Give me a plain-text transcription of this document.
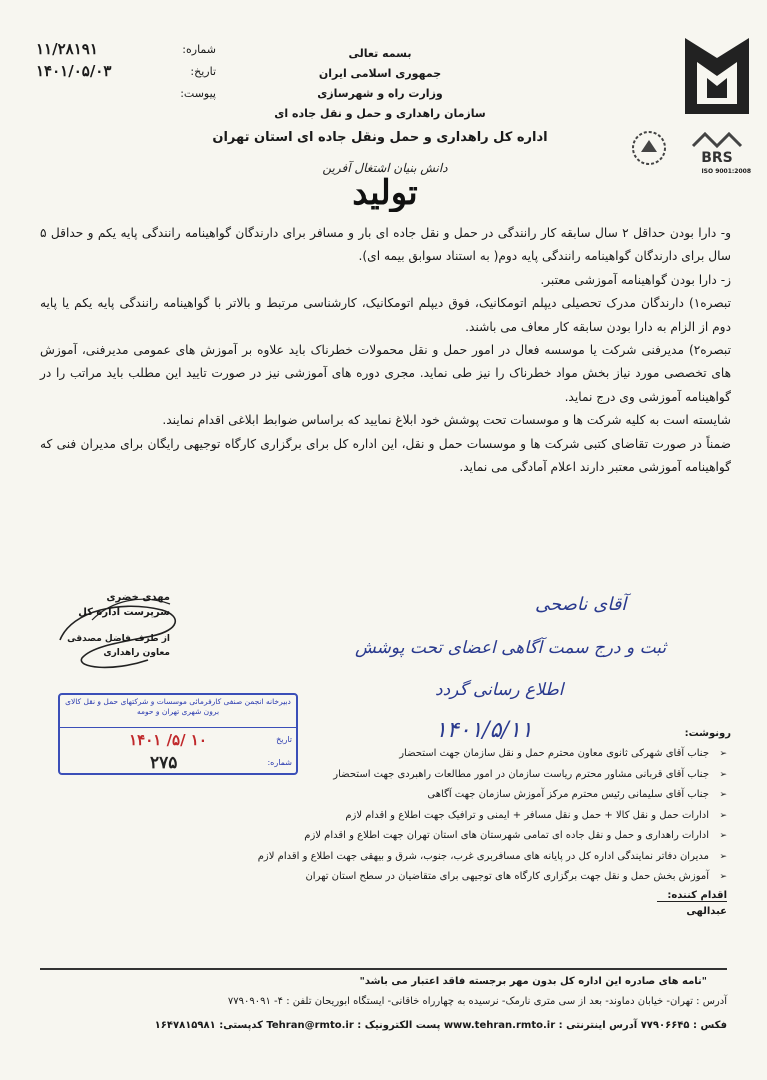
BRS
ISO 9001:2008
شماره:
۱۱/۲۸۱۹۱
تاریخ:
۱۴۰۱/۰۵/۰۳
پیوست:
بسمه تعالی
جمهوری اسلامی ایران
وزارت راه و شهرسازی
سازمان راهداری و حمل و نقل جاده ای
اداره کل راهداری و حمل ونقل جاده ای استان تهران
دانش بنیان اشتغال آفرین
تولید

و- دارا بودن حداقل ۲ سال سابقه کار رانندگی در حمل و نقل جاده ای بار و مسافر برای دارندگان گواهینامه رانندگی پایه یکم و حداقل ۵ سال برای دارندگان گواهینامه رانندگی پایه دوم( به استناد سوابق بیمه ای).

ز- دارا بودن گواهینامه آموزشی معتبر.

تبصره۱) دارندگان مدرک تحصیلی دیپلم اتومکانیک، فوق دیپلم اتومکانیک، کارشناسی مرتبط و بالاتر با گواهینامه رانندگی پایه یکم یا پایه دوم از الزام به دارا بودن سابقه کار معاف می باشند.

تبصره۲) مدیرفنی شرکت یا موسسه فعال در امور حمل و نقل محمولات خطرناک باید علاوه بر آموزش های عمومی مدیرفنی، آموزش های تخصصی مورد نیاز بخش مواد خطرناک را نیز طی نماید. مجری دوره های آموزشی نیز در صورت تایید این مطلب باید مراتب را در گواهینامه آموزشی وی درج نماید.

شایسته است به کلیه شرکت ها و موسسات تحت پوشش خود ابلاغ نمایید که براساس ضوابط ابلاغی اقدام نمایند.

ضمناً در صورت تقاضای کتبی شرکت ها و موسسات حمل و نقل، این اداره کل برای برگزاری کارگاه توجیهی رایگان برای مدیران فنی که گواهینامه آموزشی معتبر دارند اعلام آمادگی می نماید.

مهدی خضری
سرپرست اداره کل
از طرف فاضل مصدقی
معاون راهداری
آقای ناصحی
ثبت و درج سمت آگاهی اعضای تحت پوشش
اطلاع رسانی گردد
۱۴۰۱/۵/۱۱
دبیرخانه انجمن صنفی کارفرمائی موسسات و شرکتهای حمل و نقل کالای برون شهری تهران و حومه
تاریخ
۱۴۰۱ /۵/ ۱۰
شماره:
۲۷۵
رونوشت:
➢ جناب آقای شهرکی ثانوی معاون محترم حمل و نقل سازمان جهت استحضار
➢ جناب آقای قربانی مشاور محترم ریاست سازمان در امور مطالعات راهبردی جهت استحضار
➢ جناب آقای سلیمانی رئیس محترم مرکز آموزش سازمان جهت آگاهی
➢ ادارات حمل و نقل کالا + حمل و نقل مسافر + ایمنی و ترافیک جهت اطلاع و اقدام لازم
➢ ادارات راهداری و حمل و نقل جاده ای تمامی شهرستان های استان تهران جهت اطلاع و اقدام لازم
➢ مدیران دفاتر نمایندگی اداره کل در پایانه های مسافربری غرب، جنوب، شرق و بیهقی جهت اطلاع و اقدام لازم
➢ آموزش بخش حمل و نقل جهت برگزاری کارگاه های توجیهی برای متقاضیان در سطح استان تهران
اقدام کننده:
عبدالهی
"نامه های صادره این اداره کل بدون مهر برجسته فاقد اعتبار می باشد"
آدرس : تهران- خیابان دماوند- بعد از سی متری نارمک- نرسیده به چهارراه خاقانی- ایستگاه ابوریحان تلفن : ۴- ۷۷۹۰۹۰۹۱
فکس : ۷۷۹۰۶۶۴۵ آدرس اینترنتی : www.tehran.rmto.ir پست الکترونیک : Tehran@rmto.ir کدپستی: ۱۶۴۷۸۱۵۹۸۱
